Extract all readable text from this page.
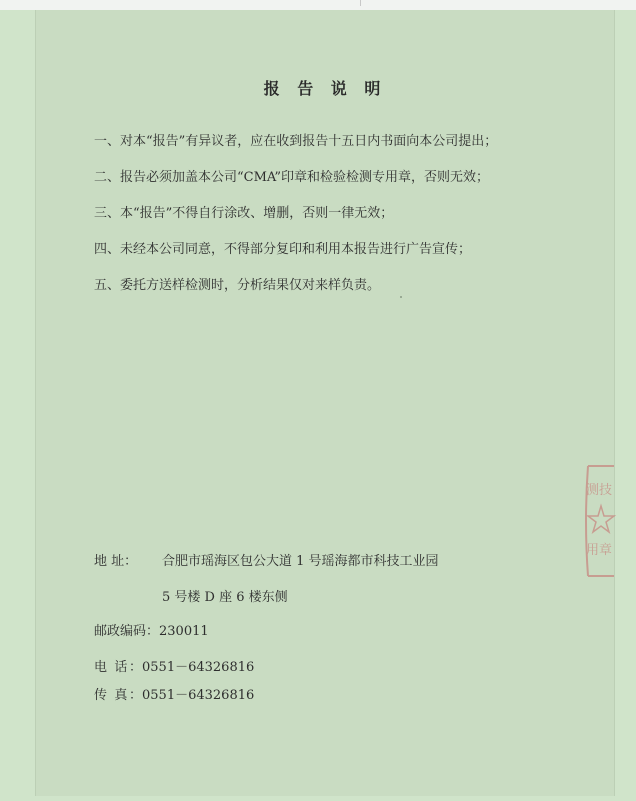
报 告 说 明
一、对本“报告”有异议者，应在收到报告十五日内书面向本公司提出；
二、报告必须加盖本公司“CMA”印章和检验检测专用章，否则无效；
三、本“报告”不得自行涂改、增删，否则一律无效；
四、未经本公司同意，不得部分复印和利用本报告进行广告宣传；
五、委托方送样检测时，分析结果仅对来样负责。
地 址： 合肥市瑶海区包公大道 1 号瑶海都市科技工业园
5 号楼 D 座 6 楼东侧
邮政编码：230011
电 话：0551－64326816
传 真：0551－64326816
测技
用章
